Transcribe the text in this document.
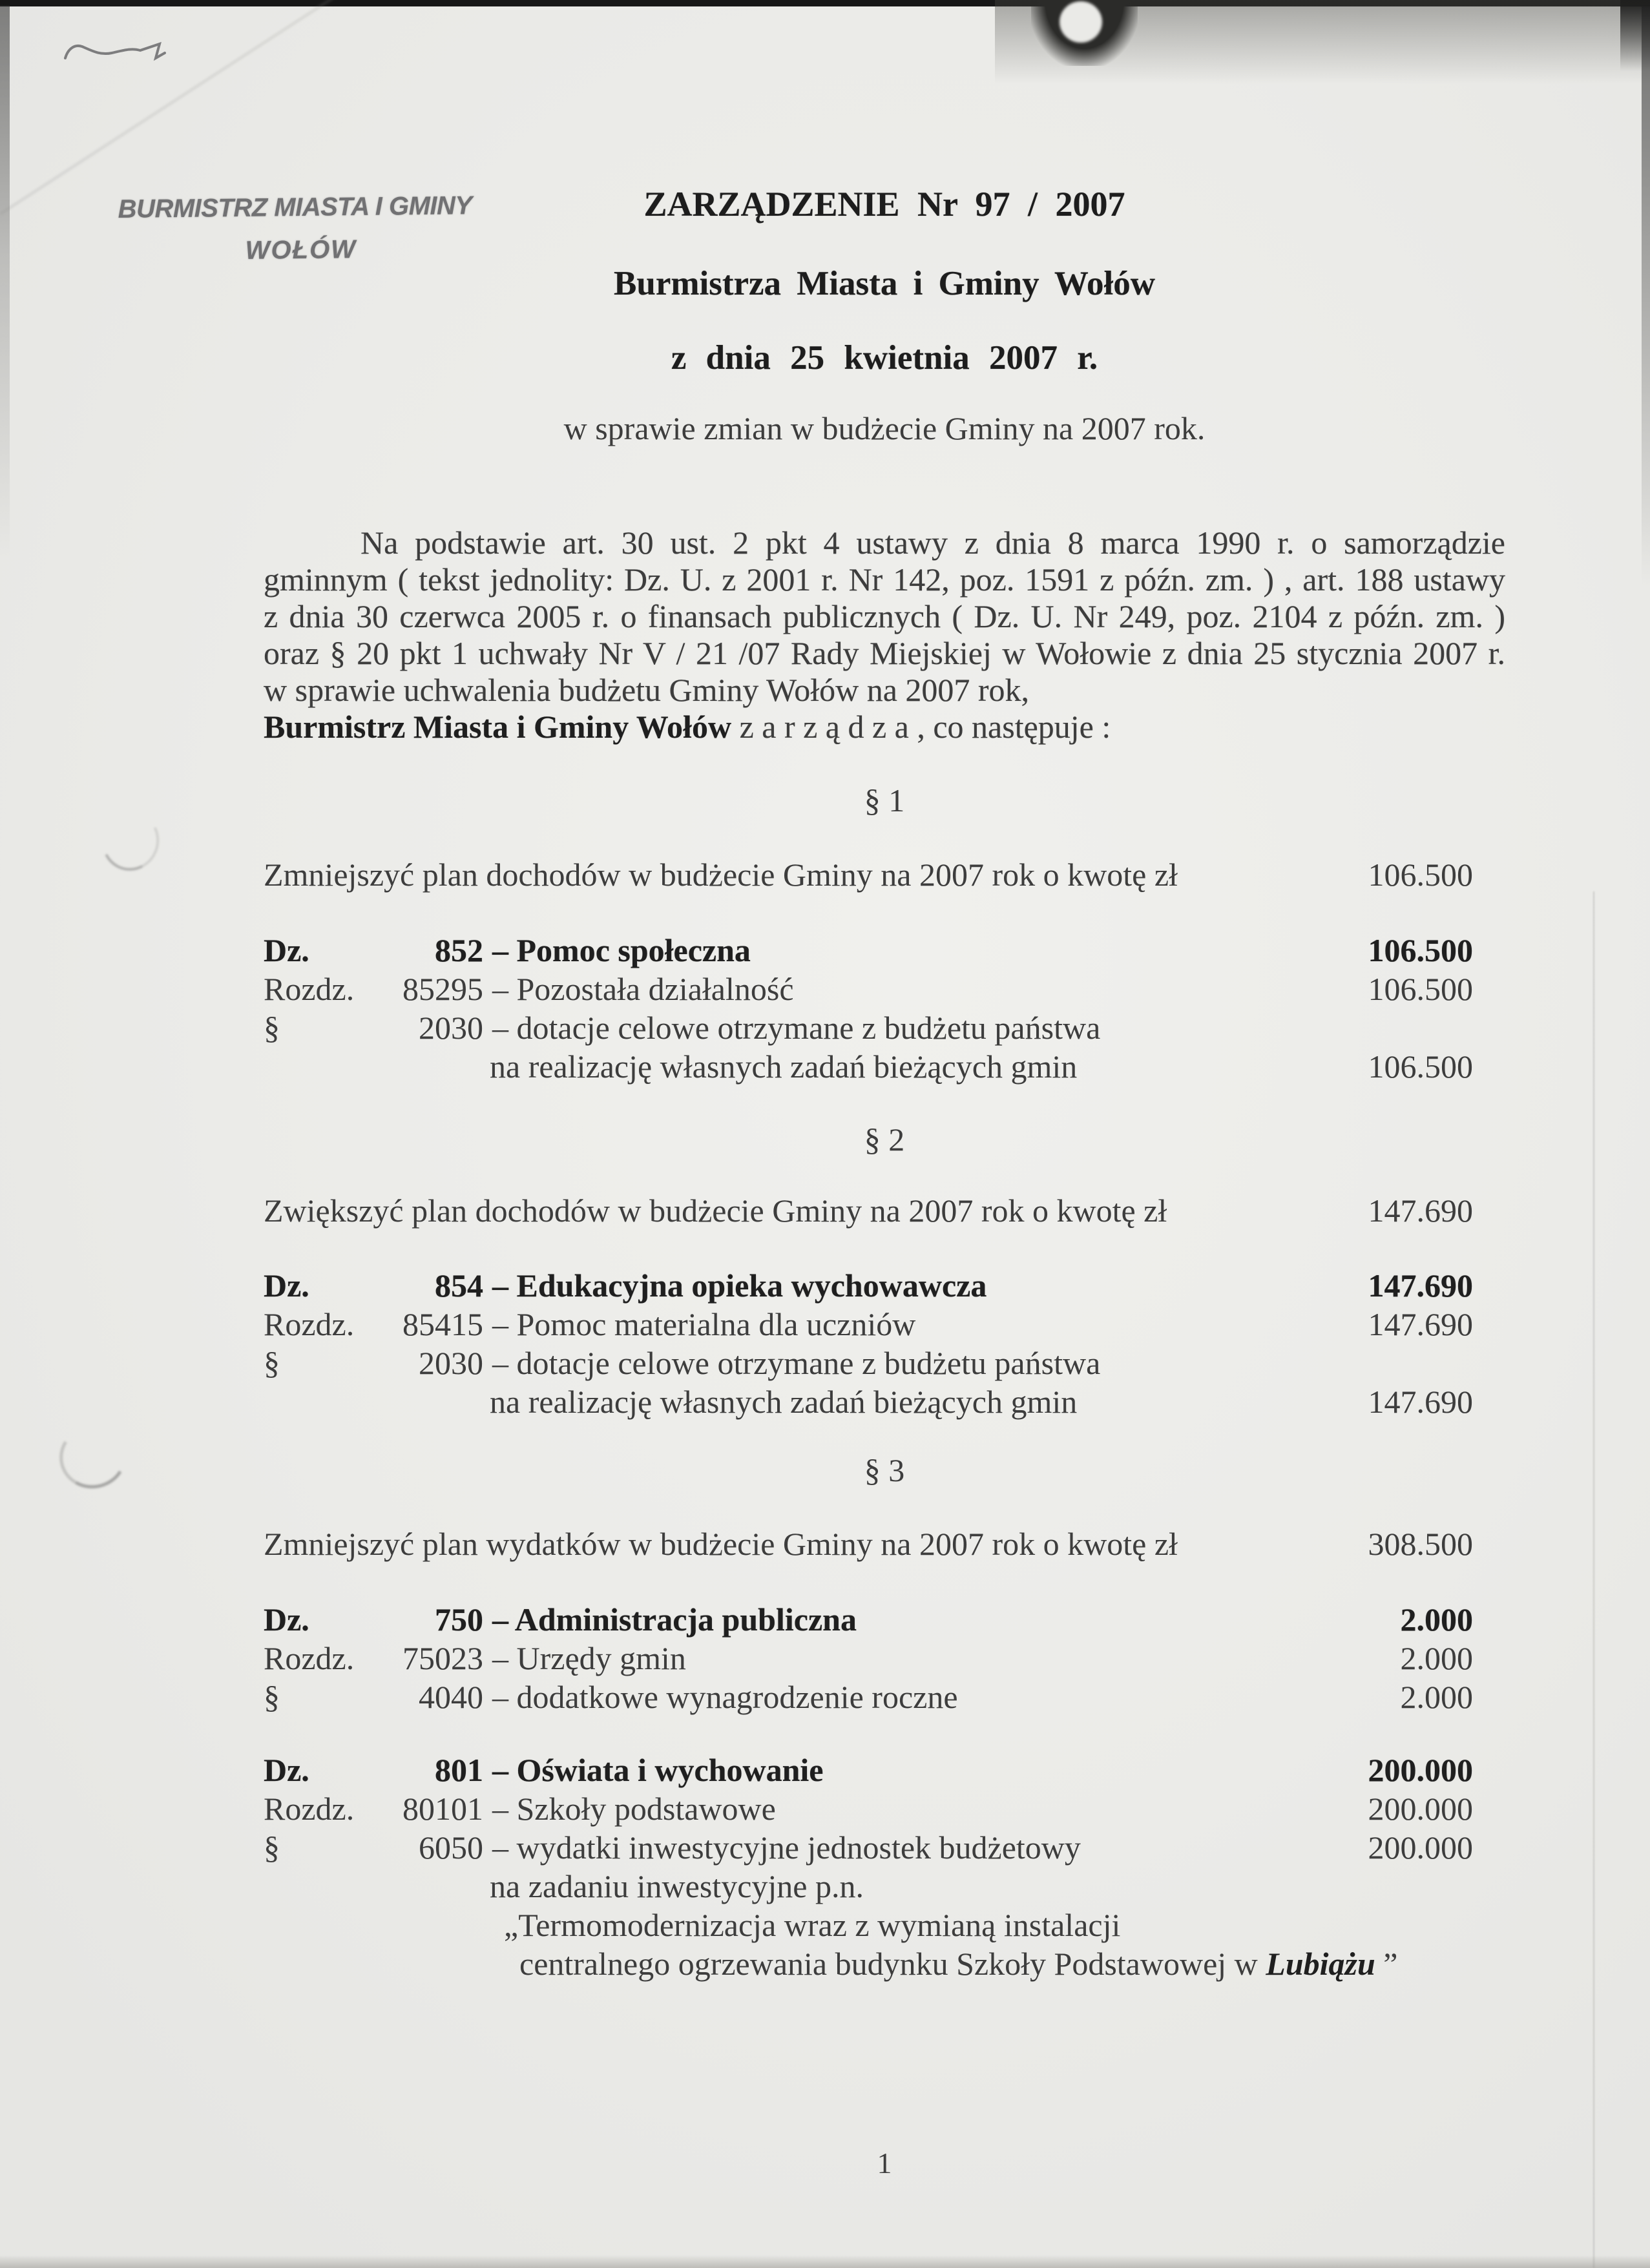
BURMISTRZ MIASTA I GMINY
WOŁÓW
ZARZĄDZENIE Nr 97 / 2007
Burmistrza Miasta i Gminy Wołów
z dnia 25 kwietnia 2007 r.
w sprawie zmian w budżecie Gminy na 2007 rok.
Na podstawie art. 30 ust. 2 pkt 4 ustawy z dnia 8 marca 1990 r. o samorządzie
gminnym ( tekst jednolity: Dz. U. z 2001 r. Nr 142, poz. 1591 z późn. zm. ) , art. 188 ustawy
z dnia 30 czerwca 2005 r. o finansach publicznych ( Dz. U. Nr 249, poz. 2104 z późn. zm. )
oraz § 20 pkt 1 uchwały Nr V / 21 /07 Rady Miejskiej w Wołowie z dnia 25 stycznia 2007 r.
w sprawie uchwalenia budżetu Gminy Wołów na 2007 rok,
Burmistrz Miasta i Gminy Wołów z a r z ą d z a , co następuje :
§ 1
Zmniejszyć plan dochodów w budżecie Gminy na 2007 rok o kwotę zł	106.500
Dz.	852 – Pomoc społeczna	106.500
Rozdz. 85295 – Pozostała działalność	106.500
§	2030 – dotacje celowe otrzymane z budżetu państwa
na realizację własnych zadań bieżących gmin	106.500
§ 2
Zwiększyć plan dochodów w budżecie Gminy na 2007 rok o kwotę zł	147.690
Dz.	854 – Edukacyjna opieka wychowawcza	147.690
Rozdz. 85415 – Pomoc materialna dla uczniów	147.690
§	2030 – dotacje celowe otrzymane z budżetu państwa
na realizację własnych zadań bieżących gmin	147.690
§ 3
Zmniejszyć plan wydatków w budżecie Gminy na 2007 rok o kwotę zł	308.500
Dz.	750 – Administracja publiczna	2.000
Rozdz. 75023 – Urzędy gmin	2.000
§	4040 – dodatkowe wynagrodzenie roczne	2.000
Dz.	801 – Oświata i wychowanie	200.000
Rozdz. 80101 – Szkoły podstawowe	200.000
§	6050 – wydatki inwestycyjne jednostek budżetowy	200.000
na zadaniu inwestycyjne p.n.
„Termomodernizacja wraz z wymianą instalacji
centralnego ogrzewania budynku Szkoły Podstawowej w Lubiążu ”
1
